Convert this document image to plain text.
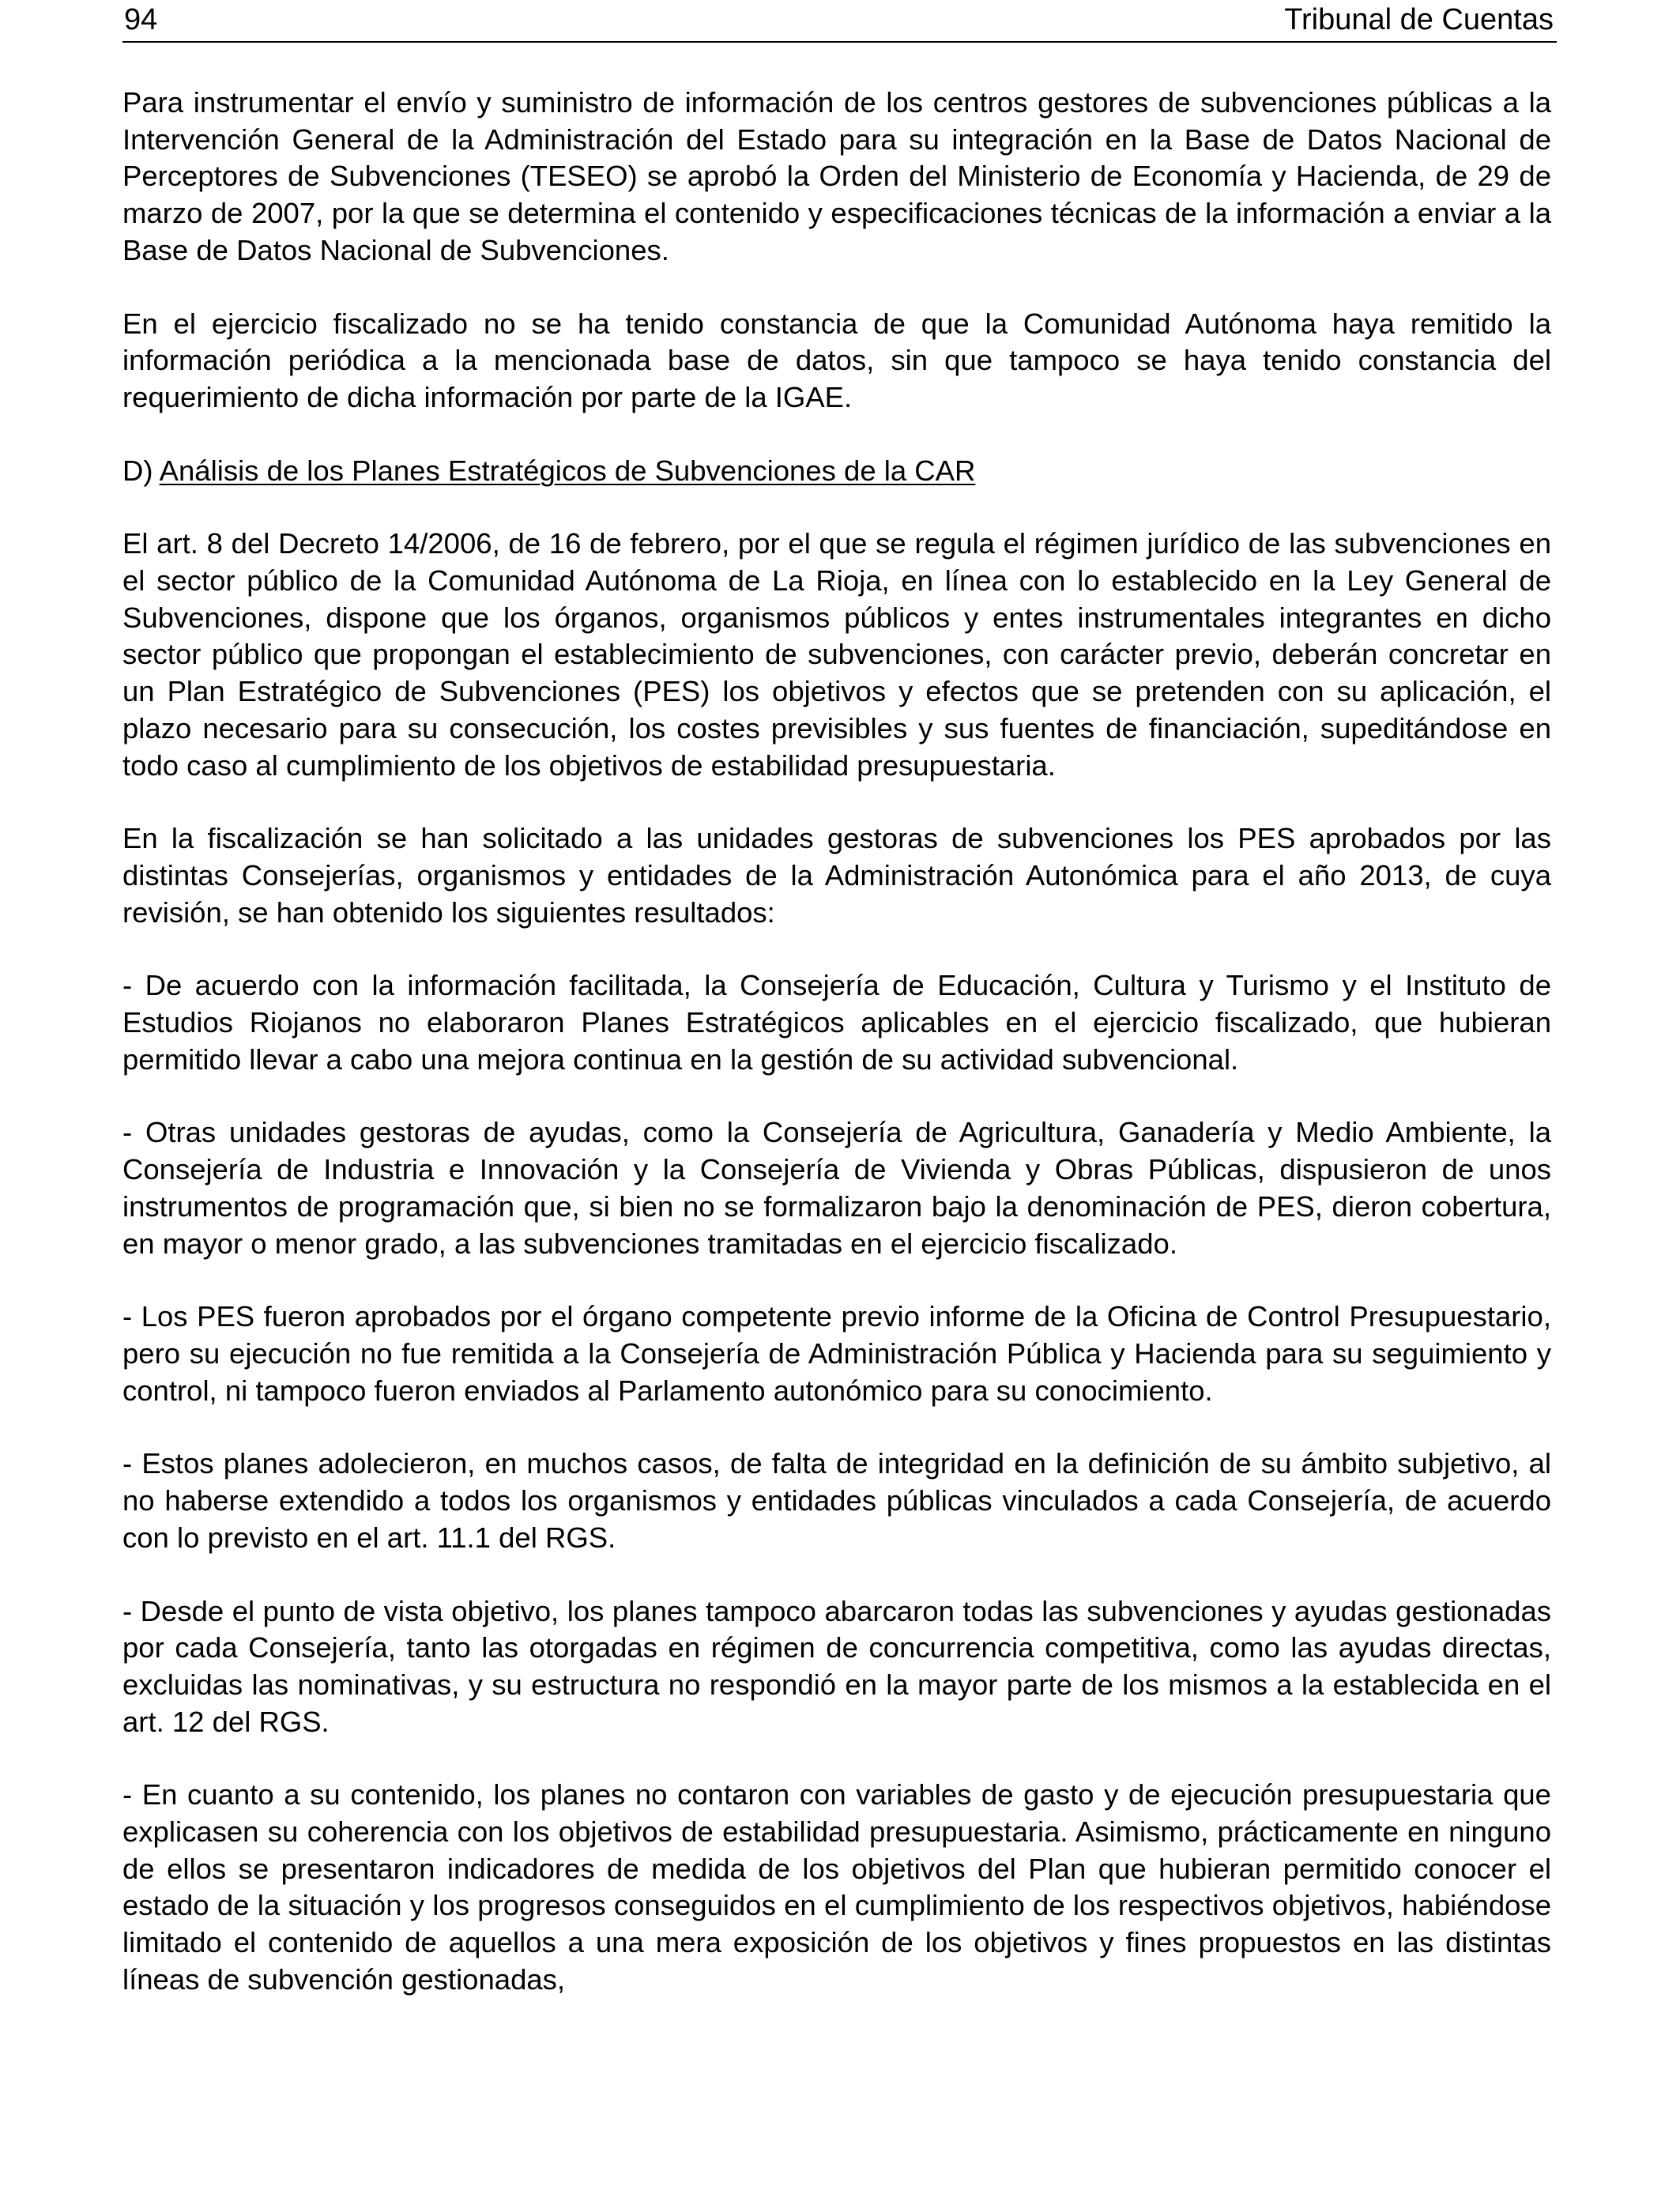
94	Tribunal de Cuentas

Para instrumentar el envío y suministro de información de los centros gestores de subvenciones públicas a la Intervención General de la Administración del Estado para su integración en la Base de Datos Nacional de Perceptores de Subvenciones (TESEO) se aprobó la Orden del Ministerio de Economía y Hacienda, de 29 de marzo de 2007, por la que se determina el contenido y especificaciones técnicas de la información a enviar a la Base de Datos Nacional de Subvenciones.

En el ejercicio fiscalizado no se ha tenido constancia de que la Comunidad Autónoma haya remitido la información periódica a la mencionada base de datos, sin que tampoco se haya tenido constancia del requerimiento de dicha información por parte de la IGAE.

D) Análisis de los Planes Estratégicos de Subvenciones de la CAR

El art. 8 del Decreto 14/2006, de 16 de febrero, por el que se regula el régimen jurídico de las subvenciones en el sector público de la Comunidad Autónoma de La Rioja, en línea con lo establecido en la Ley General de Subvenciones, dispone que los órganos, organismos públicos y entes instrumentales integrantes en dicho sector público que propongan el establecimiento de subvenciones, con carácter previo, deberán concretar en un Plan Estratégico de Subvenciones (PES) los objetivos y efectos que se pretenden con su aplicación, el plazo necesario para su consecución, los costes previsibles y sus fuentes de financiación, supeditándose en todo caso al cumplimiento de los objetivos de estabilidad presupuestaria.

En la fiscalización se han solicitado a las unidades gestoras de subvenciones los PES aprobados por las distintas Consejerías, organismos y entidades de la Administración Autonómica para el año 2013, de cuya revisión, se han obtenido los siguientes resultados:

- De acuerdo con la información facilitada, la Consejería de Educación, Cultura y Turismo y el Instituto de Estudios Riojanos no elaboraron Planes Estratégicos aplicables en el ejercicio fiscalizado, que hubieran permitido llevar a cabo una mejora continua en la gestión de su actividad subvencional.

- Otras unidades gestoras de ayudas, como la Consejería de Agricultura, Ganadería y Medio Ambiente, la Consejería de Industria e Innovación y la Consejería de Vivienda y Obras Públicas, dispusieron de unos instrumentos de programación que, si bien no se formalizaron bajo la denominación de PES, dieron cobertura, en mayor o menor grado, a las subvenciones tramitadas en el ejercicio fiscalizado.

- Los PES fueron aprobados por el órgano competente previo informe de la Oficina de Control Presupuestario, pero su ejecución no fue remitida a la Consejería de Administración Pública y Hacienda para su seguimiento y control, ni tampoco fueron enviados al Parlamento autonómico para su conocimiento.

- Estos planes adolecieron, en muchos casos, de falta de integridad en la definición de su ámbito subjetivo, al no haberse extendido a todos los organismos y entidades públicas vinculados a cada Consejería, de acuerdo con lo previsto en el art. 11.1 del RGS.

- Desde el punto de vista objetivo, los planes tampoco abarcaron todas las subvenciones y ayudas gestionadas por cada Consejería, tanto las otorgadas en régimen de concurrencia competitiva, como las ayudas directas, excluidas las nominativas, y su estructura no respondió en la mayor parte de los mismos a la establecida en el art. 12 del RGS.

- En cuanto a su contenido, los planes no contaron con variables de gasto y de ejecución presupuestaria que explicasen su coherencia con los objetivos de estabilidad presupuestaria. Asimismo, prácticamente en ninguno de ellos se presentaron indicadores de medida de los objetivos del Plan que hubieran permitido conocer el estado de la situación y los progresos conseguidos en el cumplimiento de los respectivos objetivos, habiéndose limitado el contenido de aquellos a una mera exposición de los objetivos y fines propuestos en las distintas líneas de subvención gestionadas,
